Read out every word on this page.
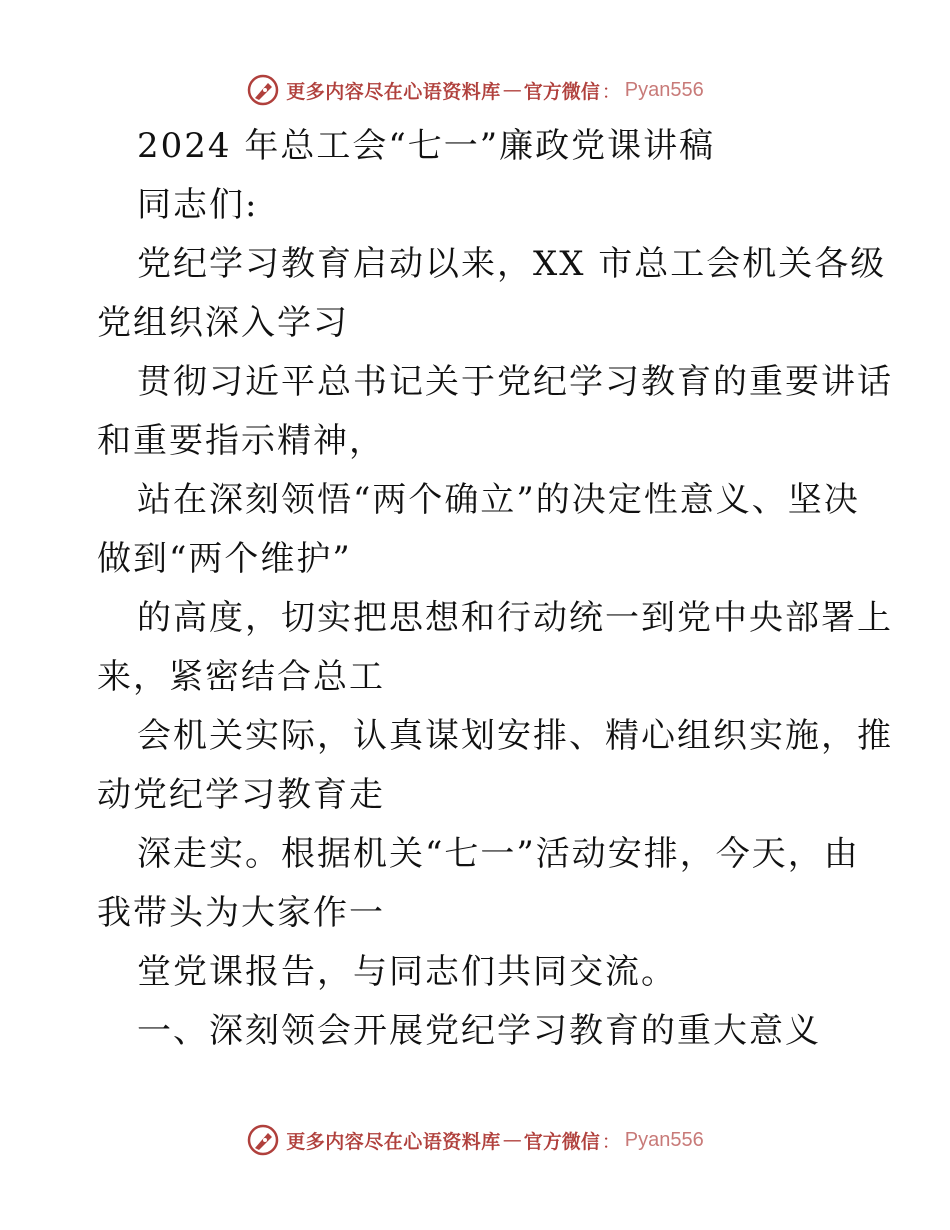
更多内容尽在心语资料库 — 官方微信 ： Pyan556
2024 年总工会“七一”廉政党课讲稿
同志们:
党纪学习教育启动以来，XX 市总工会机关各级
党组织深入学习
贯彻习近平总书记关于党纪学习教育的重要讲话
和重要指示精神，
站在深刻领悟“两个确立”的决定性意义、坚决
做到“两个维护”
的高度，切实把思想和行动统一到党中央部署上
来，紧密结合总工
会机关实际，认真谋划安排、精心组织实施，推
动党纪学习教育走
深走实。根据机关“七一”活动安排，今天，由
我带头为大家作一
堂党课报告，与同志们共同交流。
一、深刻领会开展党纪学习教育的重大意义
更多内容尽在心语资料库 — 官方微信 ： Pyan556
